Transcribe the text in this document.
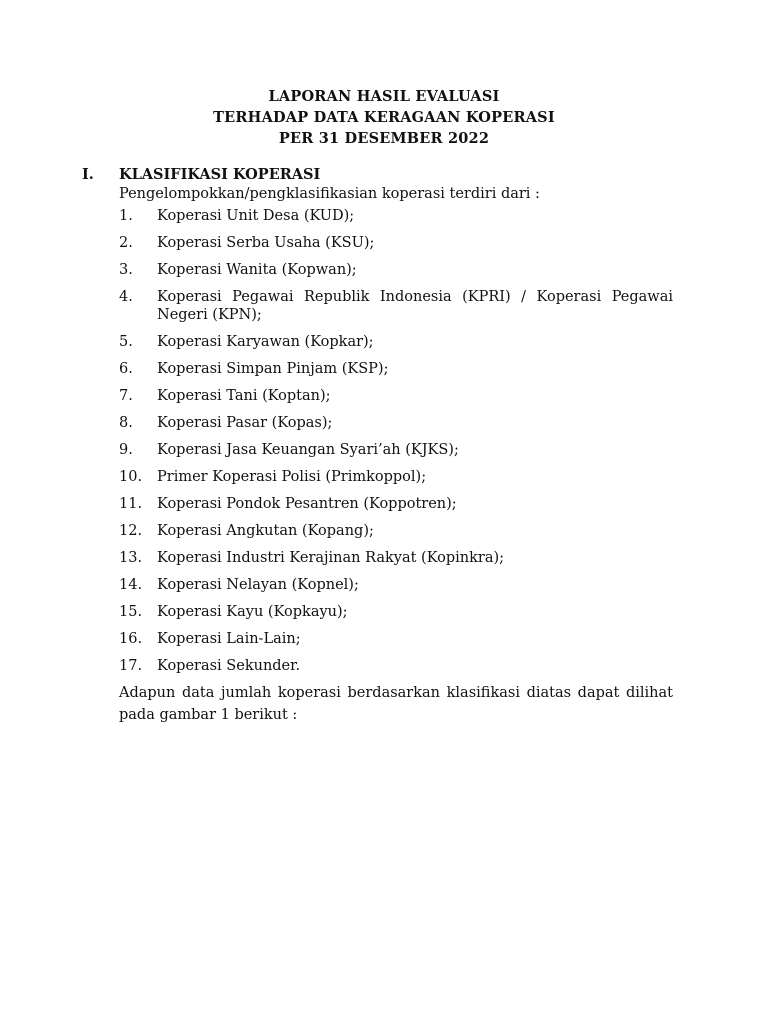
LAPORAN HASIL EVALUASI
TERHADAP DATA KERAGAAN KOPERASI
PER 31 DESEMBER 2022
I. KLASIFIKASI KOPERASI
Pengelompokkan/pengklasifikasian koperasi terdiri dari :
1. Koperasi Unit Desa (KUD);
2. Koperasi Serba Usaha (KSU);
3. Koperasi Wanita (Kopwan);
4. Koperasi Pegawai Republik Indonesia (KPRI) / Koperasi Pegawai Negeri (KPN);
5. Koperasi Karyawan (Kopkar);
6. Koperasi Simpan Pinjam (KSP);
7. Koperasi Tani (Koptan);
8. Koperasi Pasar (Kopas);
9. Koperasi Jasa Keuangan Syari’ah (KJKS);
10. Primer Koperasi Polisi (Primkoppol);
11. Koperasi Pondok Pesantren (Koppotren);
12. Koperasi Angkutan (Kopang);
13. Koperasi Industri Kerajinan Rakyat (Kopinkra);
14. Koperasi Nelayan (Kopnel);
15. Koperasi Kayu (Kopkayu);
16. Koperasi Lain-Lain;
17. Koperasi Sekunder.
Adapun data jumlah koperasi berdasarkan klasifikasi diatas dapat dilihat pada gambar 1 berikut :
